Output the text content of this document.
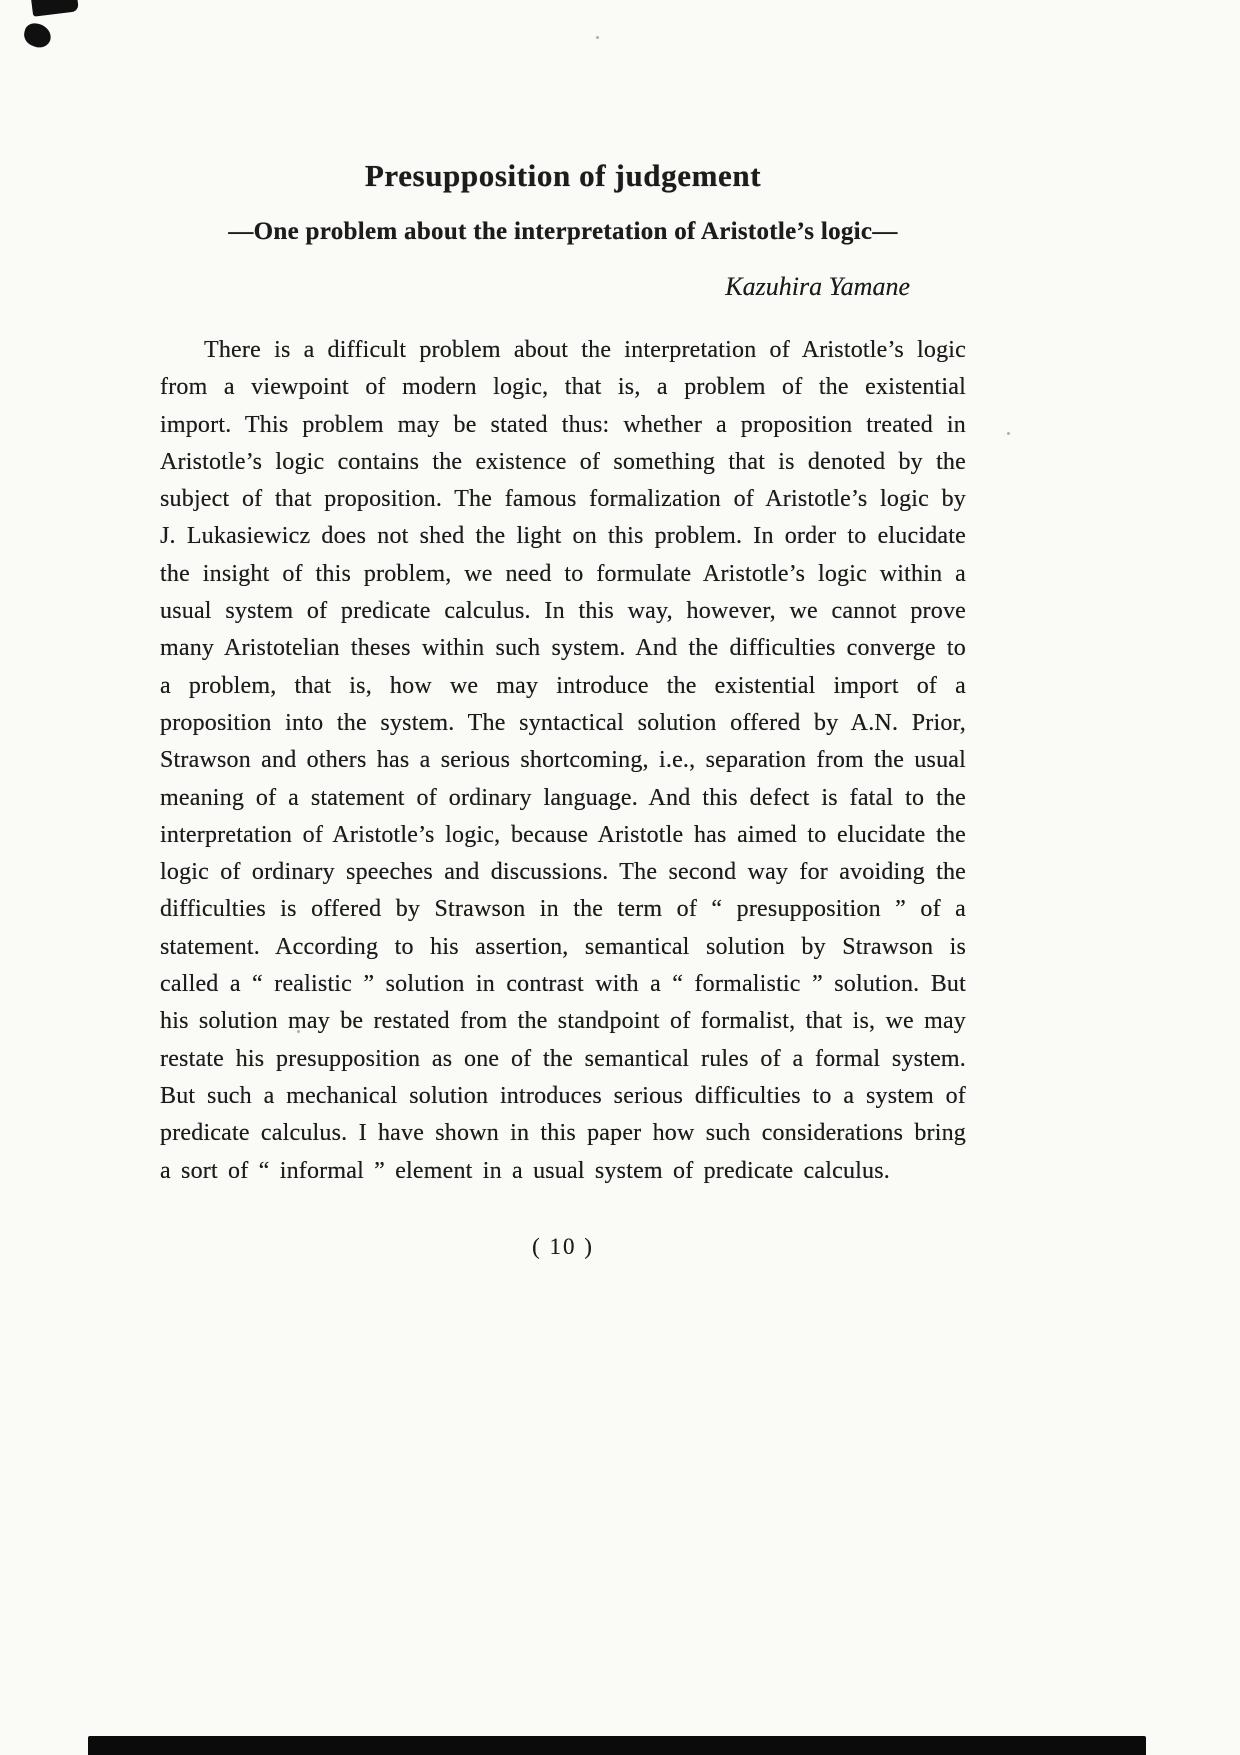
Presupposition of judgement
—One problem about the interpretation of Aristotle’s logic—
Kazuhira Yamane

There is a difficult problem about the interpretation of Aristotle’s logic from a viewpoint of modern logic, that is, a problem of the existential import. This problem may be stated thus: whether a proposition treated in Aristotle’s logic contains the existence of something that is denoted by the subject of that proposition. The famous formalization of Aristotle’s logic by J. Lukasiewicz does not shed the light on this problem. In order to elucidate the insight of this problem, we need to formulate Aristotle’s logic within a usual system of predicate calculus. In this way, however, we cannot prove many Aristotelian theses within such system. And the difficulties converge to a problem, that is, how we may introduce the existential import of a proposition into the system. The syntactical solution offered by A.N. Prior, Strawson and others has a serious shortcoming, i.e., separation from the usual meaning of a statement of ordinary language. And this defect is fatal to the interpretation of Aristotle’s logic, because Aristotle has aimed to elucidate the logic of ordinary speeches and discussions. The second way for avoiding the difficulties is offered by Strawson in the term of “ presupposition ” of a statement. According to his assertion, semantical solution by Strawson is called a “ realistic ” solution in contrast with a “ formalistic ” solution. But his solution may be restated from the standpoint of formalist, that is, we may restate his presupposition as one of the semantical rules of a formal system. But such a mechanical solution introduces serious difficulties to a system of predicate calculus. I have shown in this paper how such considerations bring a sort of “ informal ” element in a usual system of predicate calculus.

( 10 )
